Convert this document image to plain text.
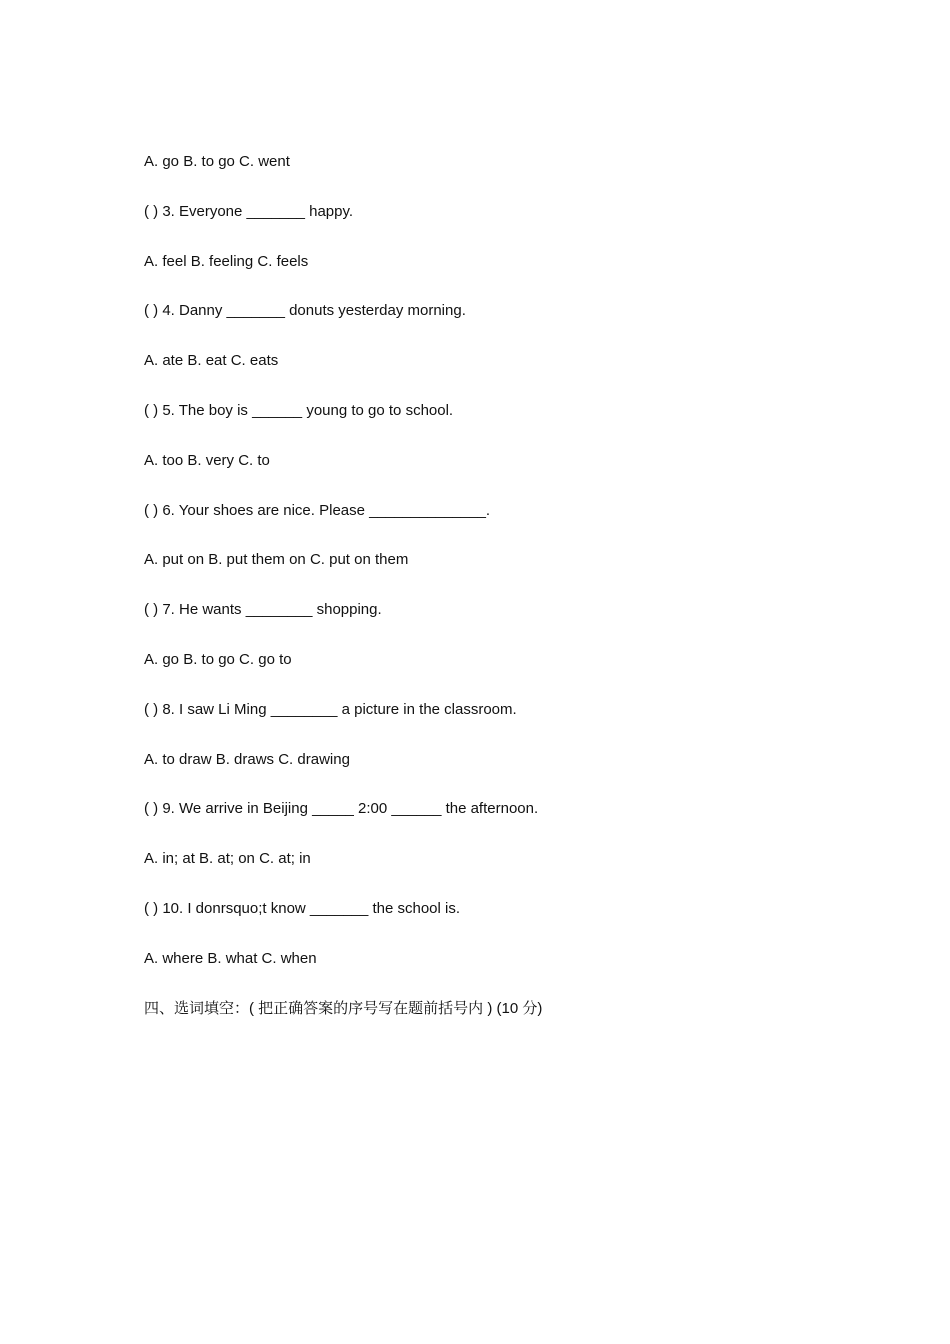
A. go B. to go C. went
( ) 3. Everyone _______ happy.
A. feel B. feeling C. feels
( ) 4. Danny _______ donuts yesterday morning.
A. ate B. eat C. eats
( ) 5. The boy is ______ young to go to school.
A. too B. very C. to
( ) 6. Your shoes are nice. Please ______________.
A. put on B. put them on C. put on them
( ) 7. He wants ________ shopping.
A. go B. to go C. go to
( ) 8. I saw Li Ming ________ a picture in the classroom.
A. to draw B. draws C. drawing
( ) 9. We arrive in Beijing _____ 2:00 ______ the afternoon.
A. in; at B. at; on C. at; in
( ) 10. I donrsquo;t know _______ the school is.
A. where B. what C. when
四、选词填空：( 把正确答案的序号写在题前括号内 ) (10 分)
